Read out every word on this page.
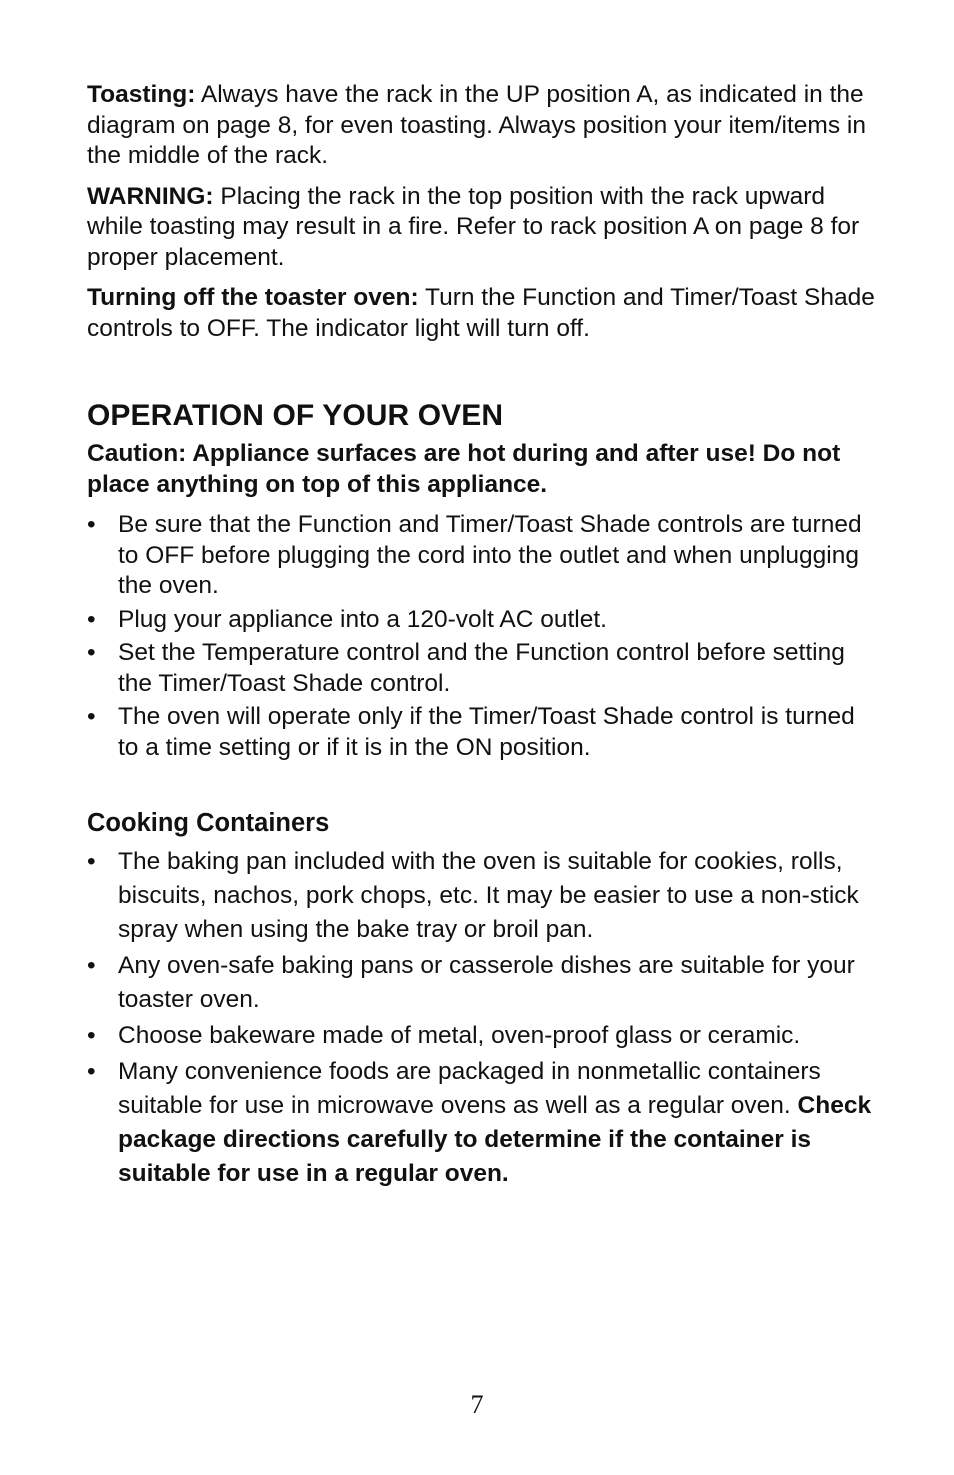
Toasting: Always have the rack in the UP position A, as indicated in the diagram on page 8, for even toasting. Always position your item/items in the middle of the rack.

WARNING: Placing the rack in the top position with the rack upward while toasting may result in a fire. Refer to rack position A on page 8 for proper placement.

Turning off the toaster oven: Turn the Function and Timer/Toast Shade controls to OFF. The indicator light will turn off.

OPERATION OF YOUR OVEN

Caution: Appliance surfaces are hot during and after use! Do not place anything on top of this appliance.

• Be sure that the Function and Timer/Toast Shade controls are turned to OFF before plugging the cord into the outlet and when unplugging the oven.
• Plug your appliance into a 120-volt AC outlet.
• Set the Temperature control and the Function control before setting the Timer/Toast Shade control.
• The oven will operate only if the Timer/Toast Shade control is turned to a time setting or if it is in the ON position.
Cooking Containers
• The baking pan included with the oven is suitable for cookies, rolls, biscuits, nachos, pork chops, etc. It may be easier to use a non-stick spray when using the bake tray or broil pan.
• Any oven-safe baking pans or casserole dishes are suitable for your toaster oven.
• Choose bakeware made of metal, oven-proof glass or ceramic.
• Many convenience foods are packaged in nonmetallic containers suitable for use in microwave ovens as well as a regular oven. Check package directions carefully to determine if the container is suitable for use in a regular oven.
7
